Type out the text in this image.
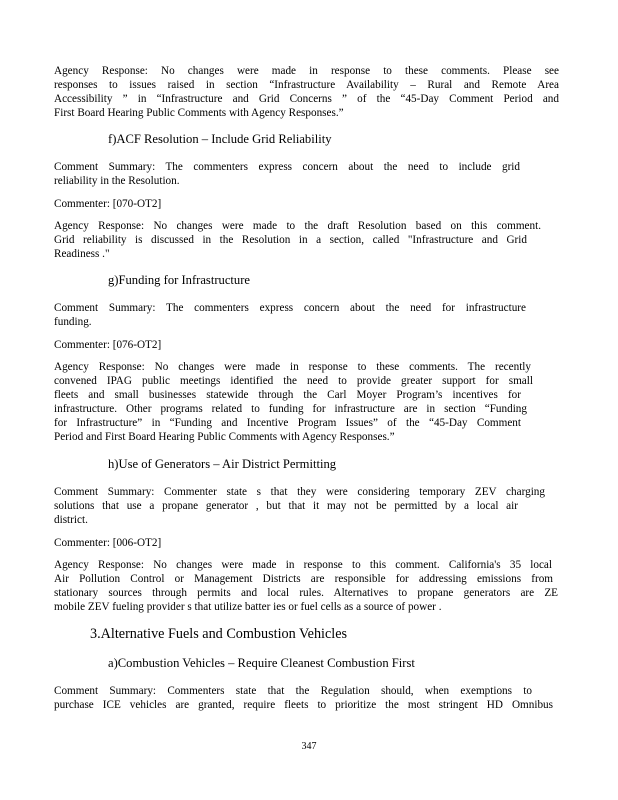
Agency Response: No changes were made in response to these comments. Please see
responses to issues raised in section “Infrastructure Availability – Rural and Remote Area
Accessibility ” in “Infrastructure and Grid Concerns ” of the “45-Day Comment Period and
First Board Hearing Public Comments with Agency Responses.”
f)ACF Resolution – Include Grid Reliability
Comment Summary: The commenters express concern about the need to include grid
reliability in the Resolution.
Commenter: [070-OT2]
Agency Response: No changes were made to the draft Resolution based on this comment.
Grid reliability is discussed in the Resolution in a section, called "Infrastructure and Grid
Readiness ."
g)Funding for Infrastructure
Comment Summary: The commenters express concern about the need for infrastructure
funding.
Commenter: [076-OT2]
Agency Response: No changes were made in response to these comments. The recently
convened IPAG public meetings identified the need to provide greater support for small
fleets and small businesses statewide through the Carl Moyer Program’s incentives for
infrastructure. Other programs related to funding for infrastructure are in section “Funding
for Infrastructure” in “Funding and Incentive Program Issues” of the “45-Day Comment
Period and First Board Hearing Public Comments with Agency Responses.”
h)Use of Generators – Air District Permitting
Comment Summary: Commenter state s that they were considering temporary ZEV charging
solutions that use a propane generator , but that it may not be permitted by a local air
district.
Commenter: [006-OT2]
Agency Response: No changes were made in response to this comment. California's 35 local
Air Pollution Control or Management Districts are responsible for addressing emissions from
stationary sources through permits and local rules. Alternatives to propane generators are ZE
mobile ZEV fueling provider s that utilize batter ies or fuel cells as a source of power .
3.Alternative Fuels and Combustion Vehicles
a)Combustion Vehicles – Require Cleanest Combustion First
Comment Summary: Commenters state that the Regulation should, when exemptions to
purchase ICE vehicles are granted, require fleets to prioritize the most stringent HD Omnibus
347
